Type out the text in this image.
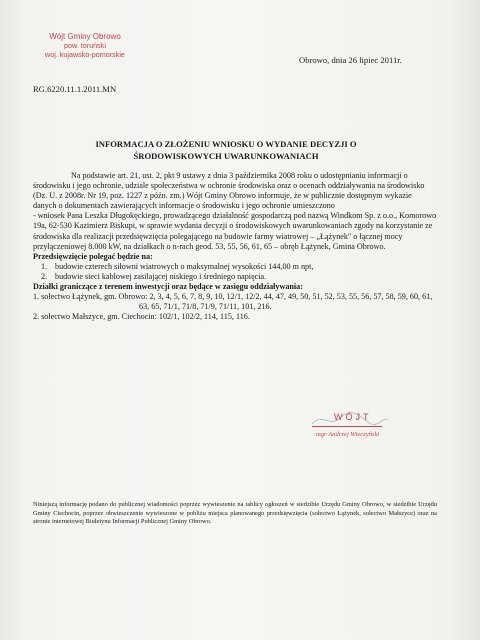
Wójt Gminy Obrowo
pow. toruński
woj. kujawsko-pomorskie
Obrowo, dnia 26 lipiec 2011r.
RG.6220.11.1.2011.MN
INFORMACJA O ZŁOŻENIU WNIOSKU O WYDANIE DECYZJI O
ŚRODOWISKOWYCH UWARUNKOWANIACH

Na podstawie art. 21, ust. 2, pkt 9 ustawy z dnia 3 października 2008 roku o udostępnianiu informacji o środowisku i jego ochronie, udziale społeczeństwa w ochronie środowiska oraz o ocenach oddziaływania na środowisko (Dz. U. z 2008r. Nr 19, poz. 1227 z późn. zm.) Wójt Gminy Obrowo informuje, że w publicznie dostępnym wykazie danych o dokumentach zawierających informacje o środowisku i jego ochronie umieszczono

- wniosek Pana Leszka Długokęckiego, prowadzącego działalność gospodarczą pod nazwą Windkom Sp. z o.o., Komorowo 19a, 62-530 Kazimierz Biskupi, w sprawie wydania decyzji o środowiskowych uwarunkowaniach zgody na korzystanie ze środowiska dla realizacji przedsięwzięcia polegającego na budowie farmy wiatrowej – „Łążynek" o łącznej mocy przyłączeniowej 8.000 kW, na działkach o n-rach geod. 53, 55, 56, 61, 65 – obręb Łążynek, Gmina Obrowo.

Przedsięwzięcie polegać będzie na:

1. budowie czterech siłowni wiatrowych o maksymalnej wysokości 144,00 m npt,

2. budowie sieci kablowej zasilającej niskiego i średniego napięcia.

Działki graniczące z terenem inwestycji oraz będące w zasięgu oddziaływania:

1. sołectwo Łążynek, gm. Obrowo: 2, 3, 4, 5, 6, 7, 8, 9, 10, 12/1, 12/2, 44, 47, 49, 50, 51, 52, 53, 55, 56, 57, 58, 59, 60, 61, 63, 65, 71/1, 71/8, 71/9, 71/11, 101, 216.

2. sołectwo Małszyce, gm. Ciechocin: 102/1, 102/2, 114, 115, 116.

WÓJT
mgr Andrzej Wieczyński
Niniejszą informację podano do publicznej wiadomości poprzez wywieszenie na tablicy ogłoszeń w siedzibie Urzędu Gminy Obrowo, w siedzibie Urzędu Gminy Ciechocin, poprzez obwieszczenie wywieszone w pobliżu miejsca planowanego przedsięwzięcia (sołectwo Łążynek, sołectwo Małszyce) oraz na stronie internetowej Biuletynu Informacji Publicznej Gminy Obrowo.
